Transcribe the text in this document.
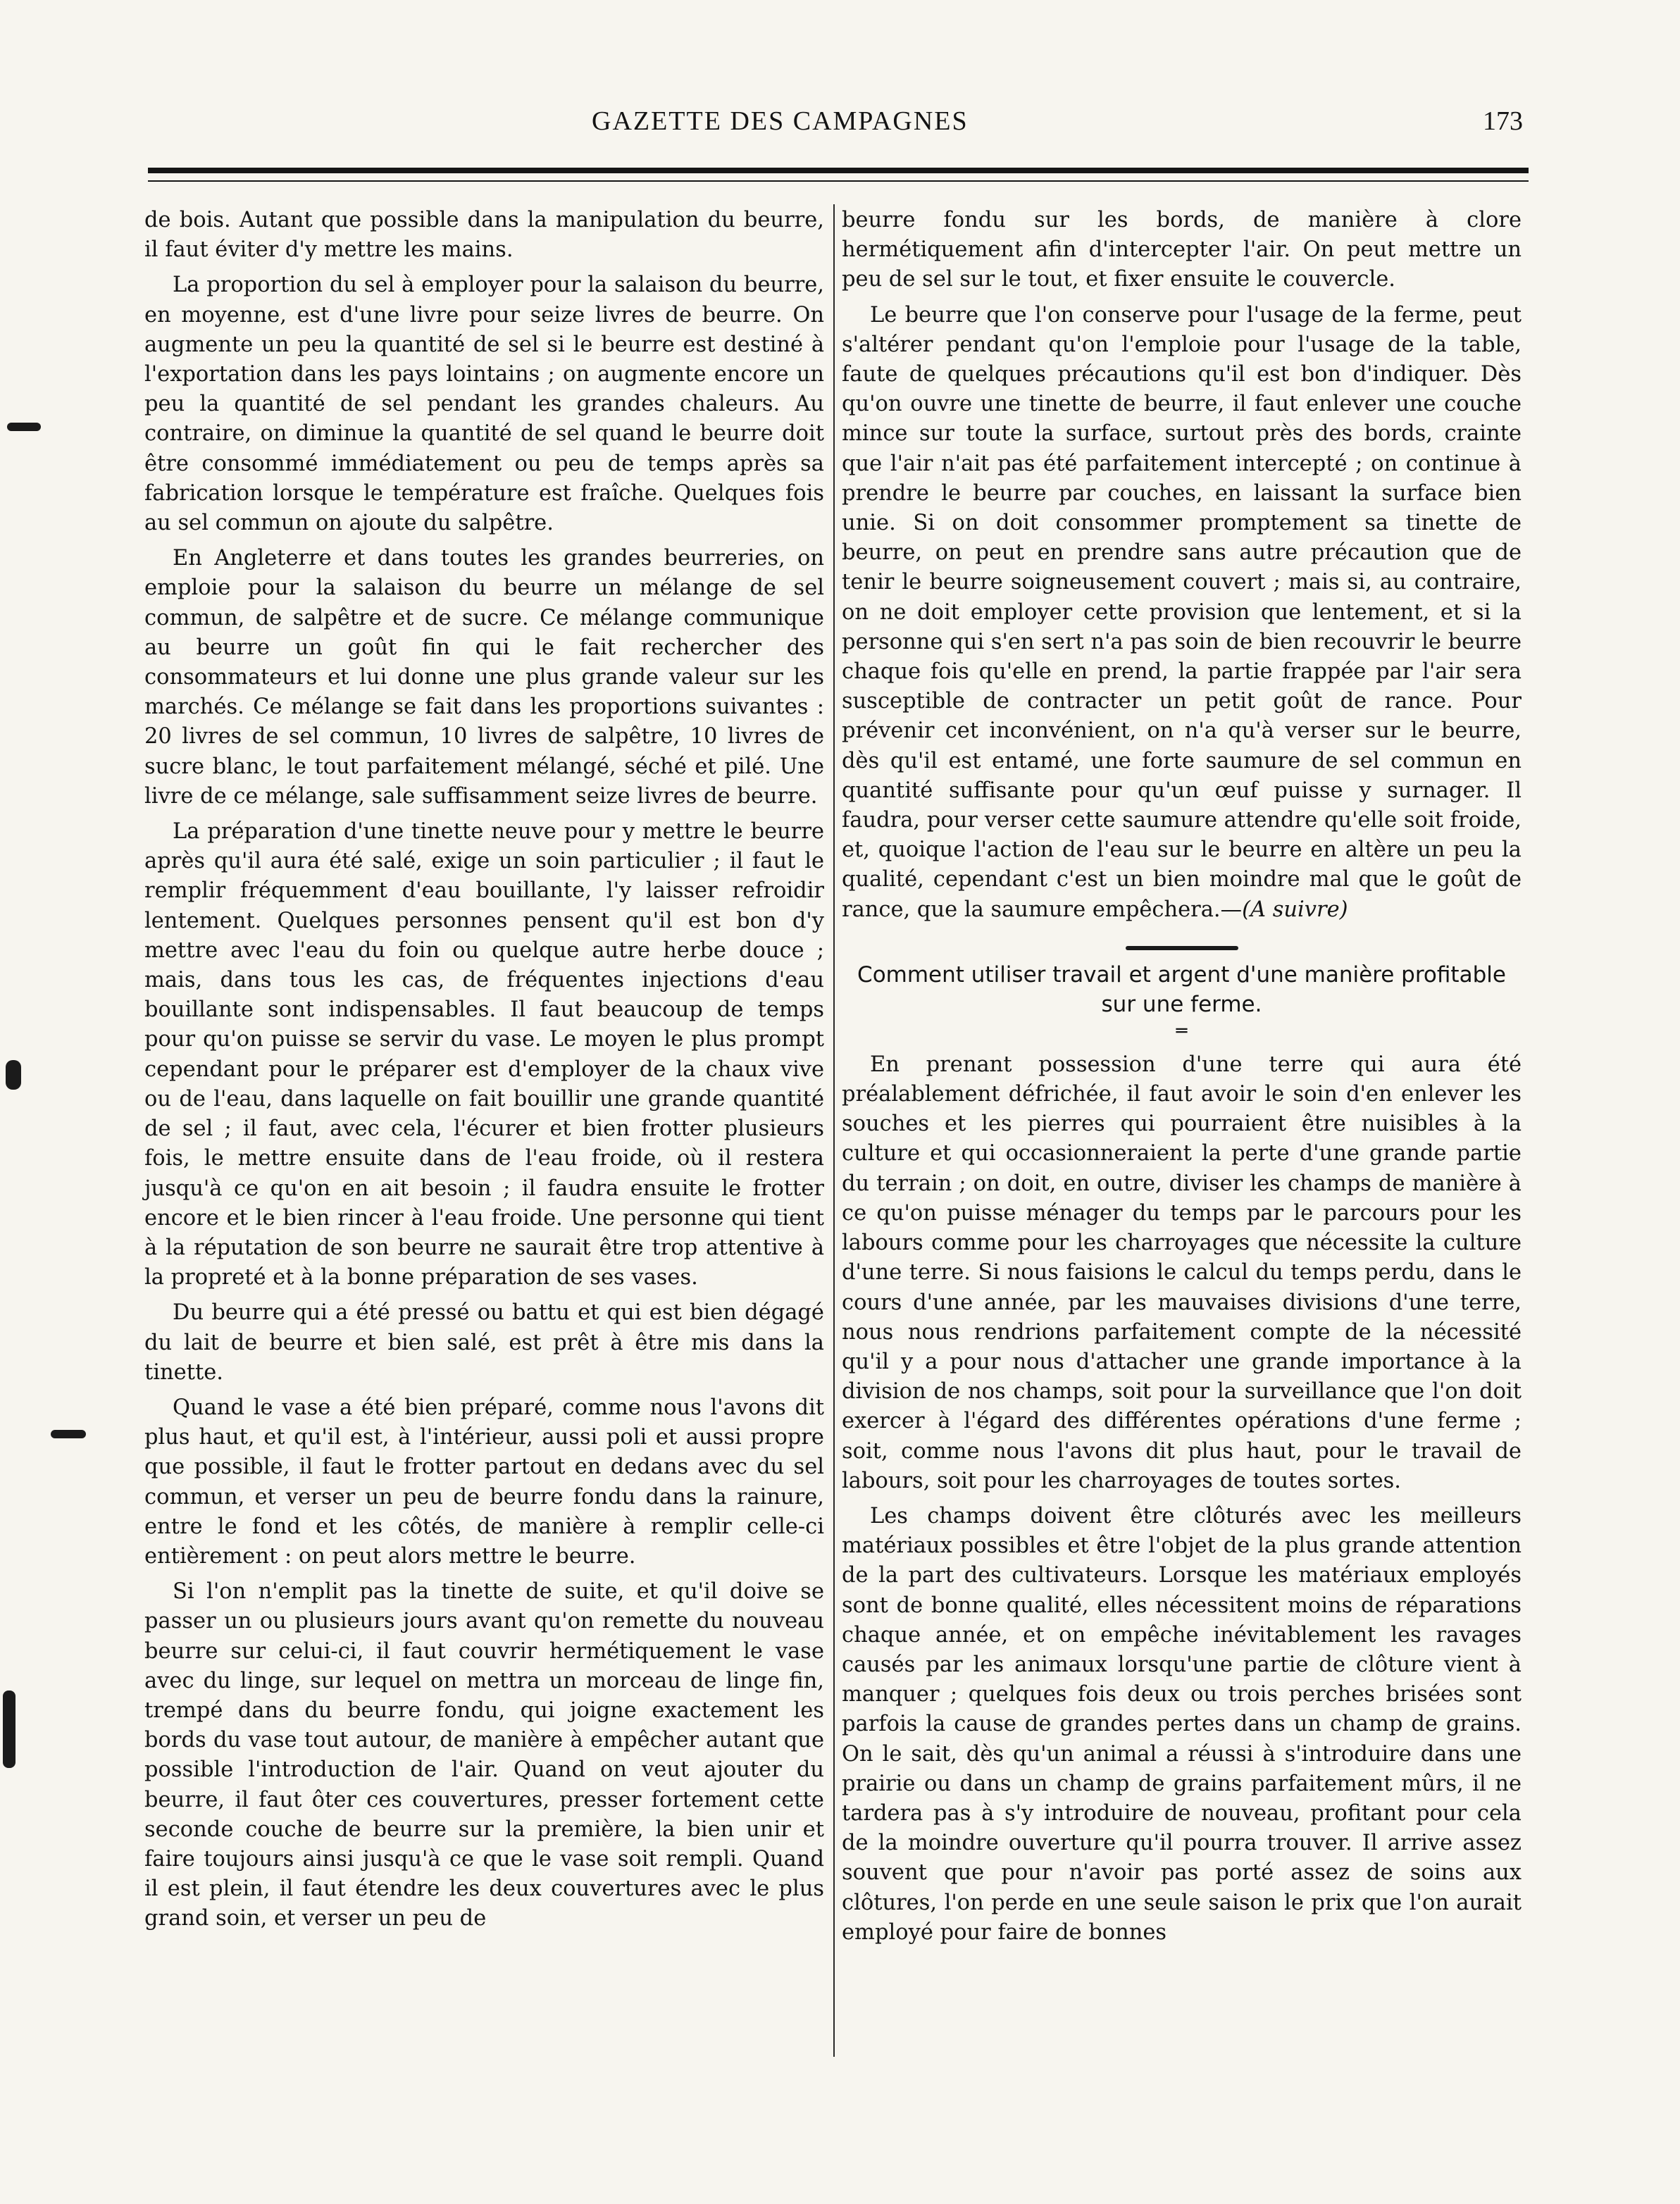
GAZETTE DES CAMPAGNES	173

de bois. Autant que possible dans la manipulation du beurre, il faut éviter d'y mettre les mains.

La proportion du sel à employer pour la salaison du beurre, en moyenne, est d'une livre pour seize livres de beurre. On augmente un peu la quantité de sel si le beurre est destiné à l'exportation dans les pays lointains ; on augmente encore un peu la quantité de sel pendant les grandes chaleurs. Au contraire, on diminue la quantité de sel quand le beurre doit être consommé immédiatement ou peu de temps après sa fabrication lorsque le température est fraîche. Quelques fois au sel commun on ajoute du salpêtre.

En Angleterre et dans toutes les grandes beurreries, on emploie pour la salaison du beurre un mélange de sel commun, de salpêtre et de sucre. Ce mélange communique au beurre un goût fin qui le fait rechercher des consommateurs et lui donne une plus grande valeur sur les marchés. Ce mélange se fait dans les proportions suivantes : 20 livres de sel commun, 10 livres de salpêtre, 10 livres de sucre blanc, le tout parfaitement mélangé, séché et pilé. Une livre de ce mélange, sale suffisamment seize livres de beurre.

La préparation d'une tinette neuve pour y mettre le beurre après qu'il aura été salé, exige un soin particulier ; il faut le remplir fréquemment d'eau bouillante, l'y laisser refroidir lentement. Quelques personnes pensent qu'il est bon d'y mettre avec l'eau du foin ou quelque autre herbe douce ; mais, dans tous les cas, de fréquentes injections d'eau bouillante sont indispensables. Il faut beaucoup de temps pour qu'on puisse se servir du vase. Le moyen le plus prompt cependant pour le préparer est d'employer de la chaux vive ou de l'eau, dans laquelle on fait bouillir une grande quantité de sel ; il faut, avec cela, l'écurer et bien frotter plusieurs fois, le mettre ensuite dans de l'eau froide, où il restera jusqu'à ce qu'on en ait besoin ; il faudra ensuite le frotter encore et le bien rincer à l'eau froide. Une personne qui tient à la réputation de son beurre ne saurait être trop attentive à la propreté et à la bonne préparation de ses vases.

Du beurre qui a été pressé ou battu et qui est bien dégagé du lait de beurre et bien salé, est prêt à être mis dans la tinette.

Quand le vase a été bien préparé, comme nous l'avons dit plus haut, et qu'il est, à l'intérieur, aussi poli et aussi propre que possible, il faut le frotter partout en dedans avec du sel commun, et verser un peu de beurre fondu dans la rainure, entre le fond et les côtés, de manière à remplir celle-ci entièrement : on peut alors mettre le beurre.

Si l'on n'emplit pas la tinette de suite, et qu'il doive se passer un ou plusieurs jours avant qu'on remette du nouveau beurre sur celui-ci, il faut couvrir hermétiquement le vase avec du linge, sur lequel on mettra un morceau de linge fin, trempé dans du beurre fondu, qui joigne exactement les bords du vase tout autour, de manière à empêcher autant que possible l'introduction de l'air. Quand on veut ajouter du beurre, il faut ôter ces couvertures, presser fortement cette seconde couche de beurre sur la première, la bien unir et faire toujours ainsi jusqu'à ce que le vase soit rempli. Quand il est plein, il faut étendre les deux couvertures avec le plus grand soin, et verser un peu de

beurre fondu sur les bords, de manière à clore hermétiquement afin d'intercepter l'air. On peut mettre un peu de sel sur le tout, et fixer ensuite le couvercle.

Le beurre que l'on conserve pour l'usage de la ferme, peut s'altérer pendant qu'on l'emploie pour l'usage de la table, faute de quelques précautions qu'il est bon d'indiquer. Dès qu'on ouvre une tinette de beurre, il faut enlever une couche mince sur toute la surface, surtout près des bords, crainte que l'air n'ait pas été parfaitement intercepté ; on continue à prendre le beurre par couches, en laissant la surface bien unie. Si on doit consommer promptement sa tinette de beurre, on peut en prendre sans autre précaution que de tenir le beurre soigneusement couvert ; mais si, au contraire, on ne doit employer cette provision que lentement, et si la personne qui s'en sert n'a pas soin de bien recouvrir le beurre chaque fois qu'elle en prend, la partie frappée par l'air sera susceptible de contracter un petit goût de rance. Pour prévenir cet inconvénient, on n'a qu'à verser sur le beurre, dès qu'il est entamé, une forte saumure de sel commun en quantité suffisante pour qu'un œuf puisse y surnager. Il faudra, pour verser cette saumure attendre qu'elle soit froide, et, quoique l'action de l'eau sur le beurre en altère un peu la qualité, cependant c'est un bien moindre mal que le goût de rance, que la saumure empêchera.—(A suivre)

Comment utiliser travail et argent d'une manière profitable sur une ferme.
═

En prenant possession d'une terre qui aura été préalablement défrichée, il faut avoir le soin d'en enlever les souches et les pierres qui pourraient être nuisibles à la culture et qui occasionneraient la perte d'une grande partie du terrain ; on doit, en outre, diviser les champs de manière à ce qu'on puisse ménager du temps par le parcours pour les labours comme pour les charroyages que nécessite la culture d'une terre. Si nous faisions le calcul du temps perdu, dans le cours d'une année, par les mauvaises divisions d'une terre, nous nous rendrions parfaitement compte de la nécessité qu'il y a pour nous d'attacher une grande importance à la division de nos champs, soit pour la surveillance que l'on doit exercer à l'égard des différentes opérations d'une ferme ; soit, comme nous l'avons dit plus haut, pour le travail de labours, soit pour les charroyages de toutes sortes.

Les champs doivent être clôturés avec les meilleurs matériaux possibles et être l'objet de la plus grande attention de la part des cultivateurs. Lorsque les matériaux employés sont de bonne qualité, elles nécessitent moins de réparations chaque année, et on empêche inévitablement les ravages causés par les animaux lorsqu'une partie de clôture vient à manquer ; quelques fois deux ou trois perches brisées sont parfois la cause de grandes pertes dans un champ de grains. On le sait, dès qu'un animal a réussi à s'introduire dans une prairie ou dans un champ de grains parfaitement mûrs, il ne tardera pas à s'y introduire de nouveau, profitant pour cela de la moindre ouverture qu'il pourra trouver. Il arrive assez souvent que pour n'avoir pas porté assez de soins aux clôtures, l'on perde en une seule saison le prix que l'on aurait employé pour faire de bonnes
